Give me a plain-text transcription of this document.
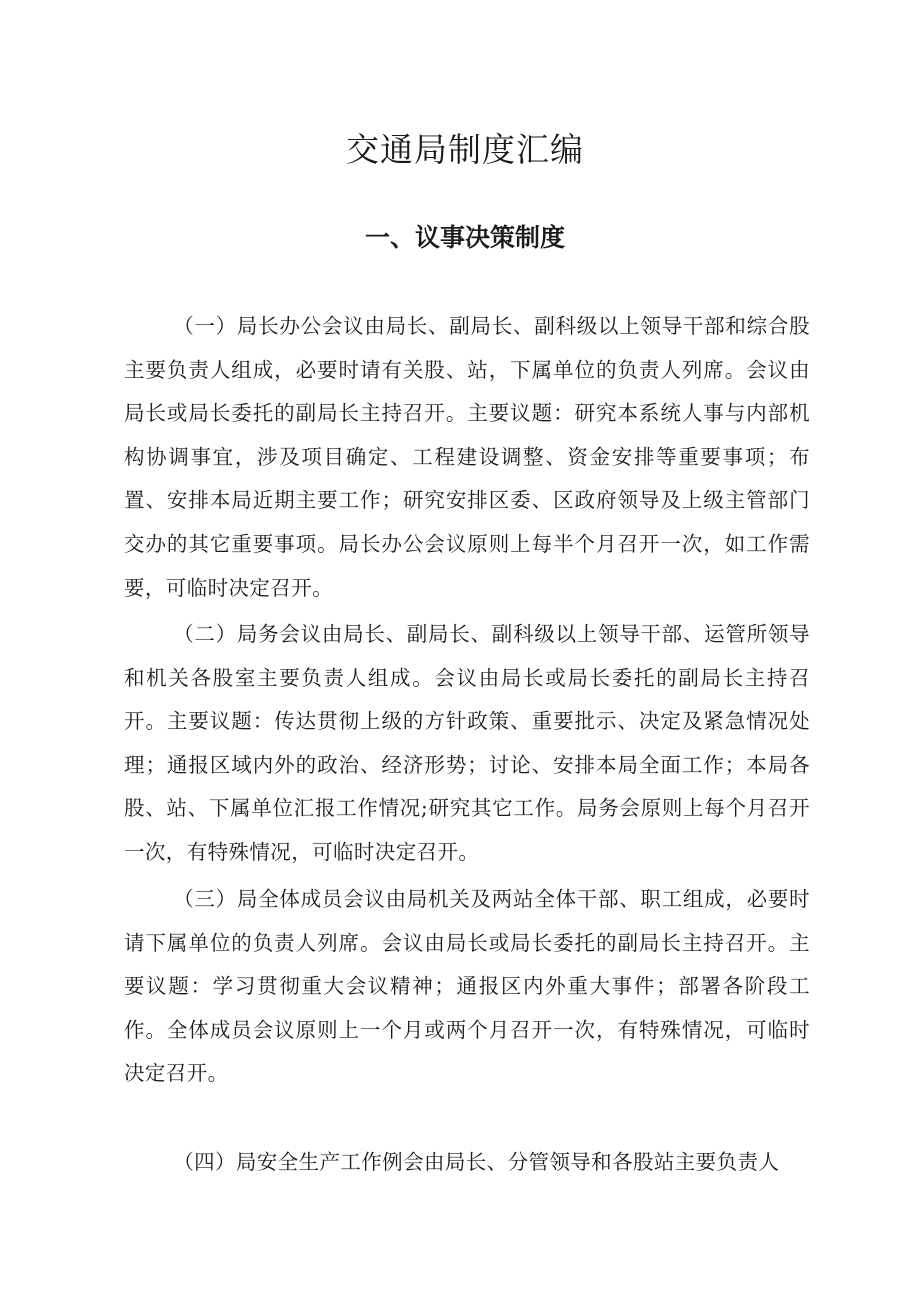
交通局制度汇编
一、议事决策制度

（一）局长办公会议由局长、副局长、副科级以上领导干部和综合股主要负责人组成，必要时请有关股、站，下属单位的负责人列席。会议由局长或局长委托的副局长主持召开。主要议题：研究本系统人事与内部机构协调事宜，涉及项目确定、工程建设调整、资金安排等重要事项；布置、安排本局近期主要工作；研究安排区委、区政府领导及上级主管部门交办的其它重要事项。局长办公会议原则上每半个月召开一次，如工作需要，可临时决定召开。

（二）局务会议由局长、副局长、副科级以上领导干部、运管所领导和机关各股室主要负责人组成。会议由局长或局长委托的副局长主持召开。主要议题：传达贯彻上级的方针政策、重要批示、决定及紧急情况处理；通报区域内外的政治、经济形势；讨论、安排本局全面工作；本局各股、站、下属单位汇报工作情况;研究其它工作。局务会原则上每个月召开一次，有特殊情况，可临时决定召开。

（三）局全体成员会议由局机关及两站全体干部、职工组成，必要时请下属单位的负责人列席。会议由局长或局长委托的副局长主持召开。主要议题：学习贯彻重大会议精神；通报区内外重大事件；部署各阶段工作。全体成员会议原则上一个月或两个月召开一次，有特殊情况，可临时决定召开。

（四）局安全生产工作例会由局长、分管领导和各股站主要负责人
